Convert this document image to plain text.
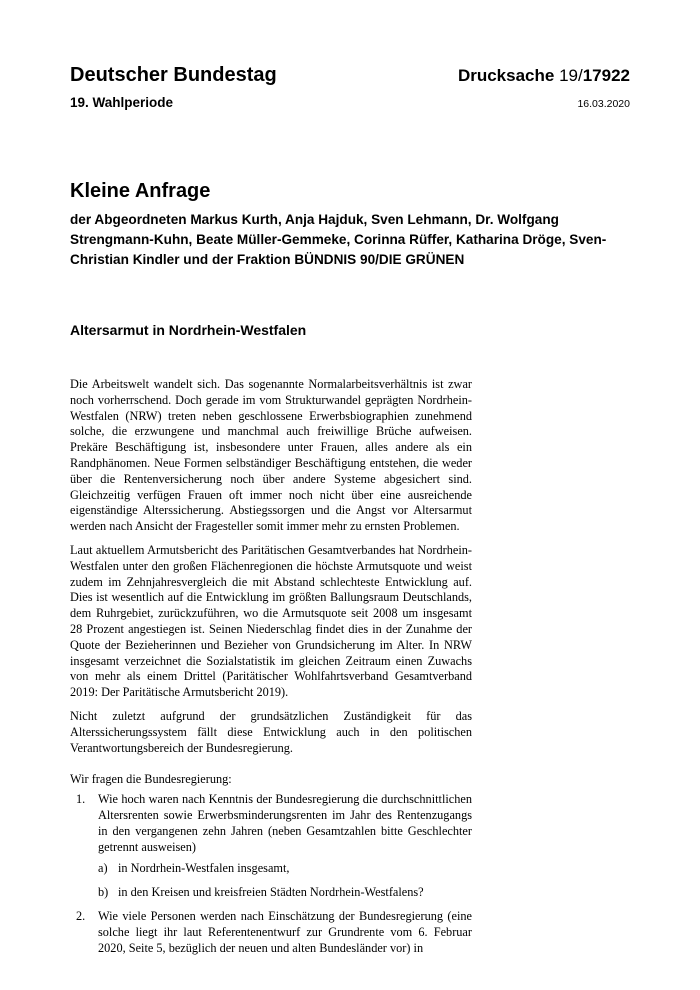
Deutscher Bundestag	Drucksache 19/17922
19. Wahlperiode	16.03.2020
Kleine Anfrage
der Abgeordneten Markus Kurth, Anja Hajduk, Sven Lehmann, Dr. Wolfgang Strengmann-Kuhn, Beate Müller-Gemmeke, Corinna Rüffer, Katharina Dröge, Sven-Christian Kindler und der Fraktion BÜNDNIS 90/DIE GRÜNEN
Altersarmut in Nordrhein-Westfalen

Die Arbeitswelt wandelt sich. Das sogenannte Normalarbeitsverhältnis ist zwar noch vorherrschend. Doch gerade im vom Strukturwandel geprägten Nordrhein-Westfalen (NRW) treten neben geschlossene Erwerbsbiographien zunehmend solche, die erzwungene und manchmal auch freiwillige Brüche aufweisen. Prekäre Beschäftigung ist, insbesondere unter Frauen, alles andere als ein Randphänomen. Neue Formen selbständiger Beschäftigung entstehen, die weder über die Rentenversicherung noch über andere Systeme abgesichert sind. Gleichzeitig verfügen Frauen oft immer noch nicht über eine ausreichende eigenständige Alterssicherung. Abstiegssorgen und die Angst vor Altersarmut werden nach Ansicht der Fragesteller somit immer mehr zu ernsten Problemen.

Laut aktuellem Armutsbericht des Paritätischen Gesamtverbandes hat Nordrhein-Westfalen unter den großen Flächenregionen die höchste Armutsquote und weist zudem im Zehnjahresvergleich die mit Abstand schlechteste Entwicklung auf. Dies ist wesentlich auf die Entwicklung im größten Ballungsraum Deutschlands, dem Ruhrgebiet, zurückzuführen, wo die Armutsquote seit 2008 um insgesamt 28 Prozent angestiegen ist. Seinen Niederschlag findet dies in der Zunahme der Quote der Bezieherinnen und Bezieher von Grundsicherung im Alter. In NRW insgesamt verzeichnet die Sozialstatistik im gleichen Zeitraum einen Zuwachs von mehr als einem Drittel (Paritätischer Wohlfahrtsverband Gesamtverband 2019: Der Paritätische Armutsbericht 2019).

Nicht zuletzt aufgrund der grundsätzlichen Zuständigkeit für das Alterssicherungssystem fällt diese Entwicklung auch in den politischen Verantwortungsbereich der Bundesregierung.

Wir fragen die Bundesregierung:

1. Wie hoch waren nach Kenntnis der Bundesregierung die durchschnittlichen Altersrenten sowie Erwerbsminderungsrenten im Jahr des Rentenzugangs in den vergangenen zehn Jahren (neben Gesamtzahlen bitte Geschlechter getrennt ausweisen)
a) in Nordrhein-Westfalen insgesamt,
b) in den Kreisen und kreisfreien Städten Nordrhein-Westfalens?
2. Wie viele Personen werden nach Einschätzung der Bundesregierung (eine solche liegt ihr laut Referentenentwurf zur Grundrente vom 6. Februar 2020, Seite 5, bezüglich der neuen und alten Bundesländer vor) in
